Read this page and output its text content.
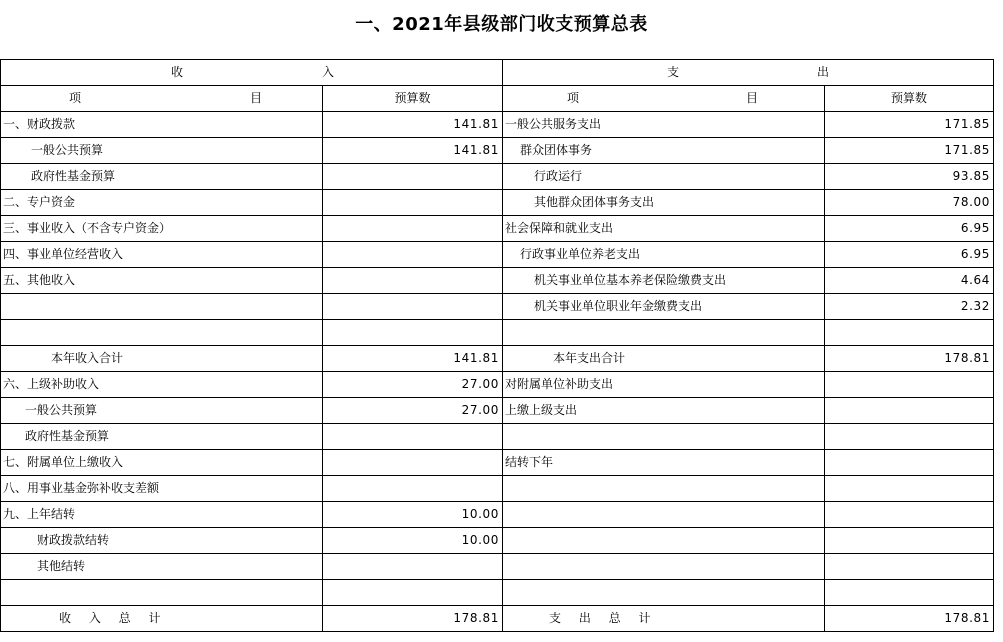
一、2021年县级部门收支预算总表
收 入		支 出	

项 目	预算数	项 目	预算数
一、财政拨款	141.81	一般公共服务支出	171.85
一般公共预算	141.81	群众团体事务	171.85
政府性基金预算		行政运行	93.85
二、专户资金		其他群众团体事务支出	78.00
三、事业收入（不含专户资金）		社会保障和就业支出	6.95
四、事业单位经营收入		行政事业单位养老支出	6.95
五、其他收入		机关事业单位基本养老保险缴费支出	4.64
		机关事业单位职业年金缴费支出	2.32

本年收入合计	141.81	本年支出合计	178.81
六、上级补助收入	27.00	对附属单位补助支出	
一般公共预算	27.00	上缴上级支出	
政府性基金预算			
七、附属单位上缴收入		结转下年	
八、用事业基金弥补收支差额			
九、上年结转	10.00		
财政拨款结转	10.00		
其他结转			

收 入 总 计	178.81	支 出 总 计	178.81
